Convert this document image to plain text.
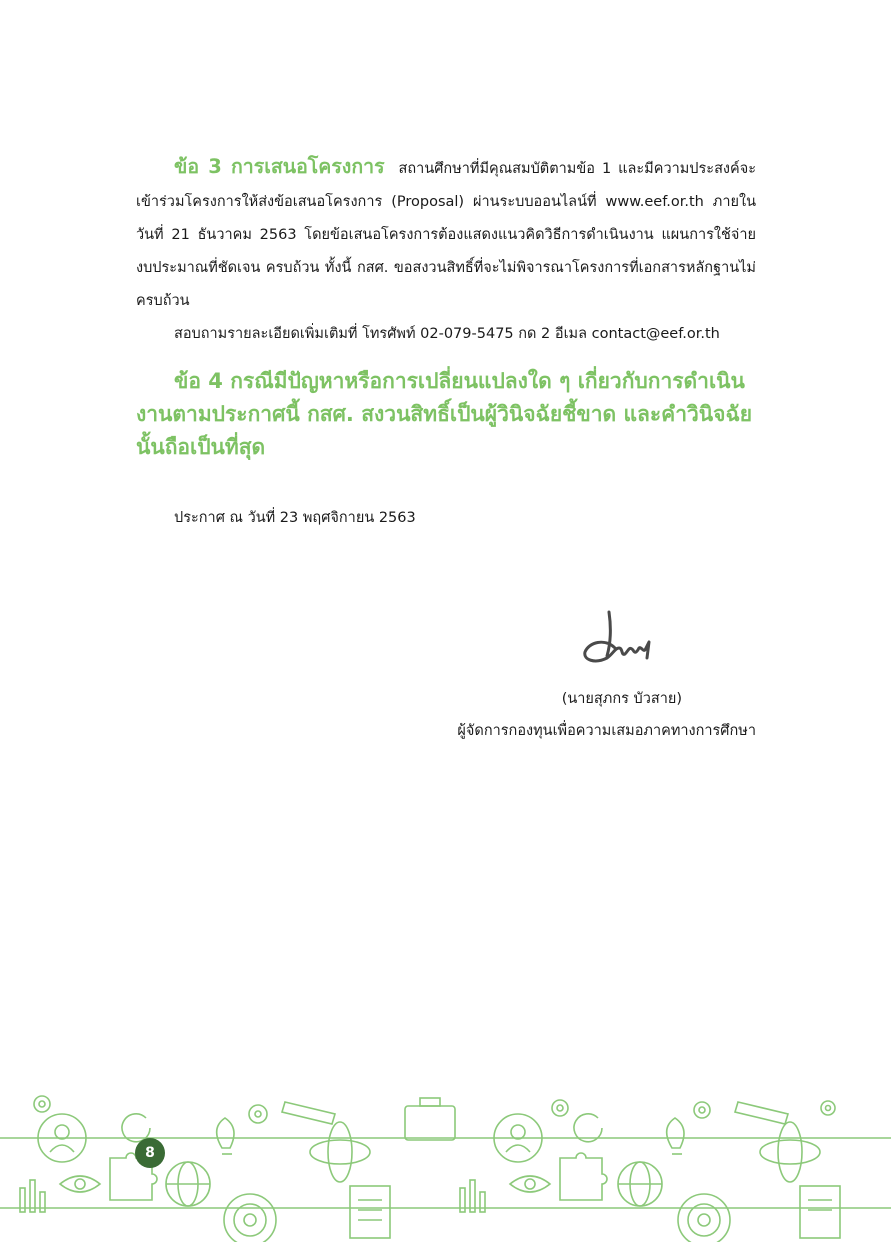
ข้อ 3 การเสนอโครงการ สถานศึกษาที่มีคุณสมบัติตามข้อ 1 และมีความประสงค์จะเข้าร่วมโครงการให้ส่งข้อเสนอโครงการ (Proposal) ผ่านระบบออนไลน์ที่ www.eef.or.th ภายในวันที่ 21 ธันวาคม 2563 โดยข้อเสนอโครงการต้องแสดงแนวคิดวิธีการดำเนินงาน แผนการใช้จ่ายงบประมาณที่ชัดเจน ครบถ้วน ทั้งนี้ กสศ. ขอสงวนสิทธิ์ที่จะไม่พิจารณาโครงการที่เอกสารหลักฐานไม่ครบถ้วน

สอบถามรายละเอียดเพิ่มเติมที่ โทรศัพท์ 02-079-5475 กด 2 อีเมล contact@eef.or.th

ข้อ 4 กรณีมีปัญหาหรือการเปลี่ยนแปลงใด ๆ เกี่ยวกับการดำเนินงานตามประกาศนี้ กสศ. สงวนสิทธิ์เป็นผู้วินิจฉัยชี้ขาด และคำวินิจฉัยนั้นถือเป็นที่สุด

ประกาศ ณ วันที่ 23 พฤศจิกายน 2563

(นายสุภกร บัวสาย)
ผู้จัดการกองทุนเพื่อความเสมอภาคทางการศึกษา
8
